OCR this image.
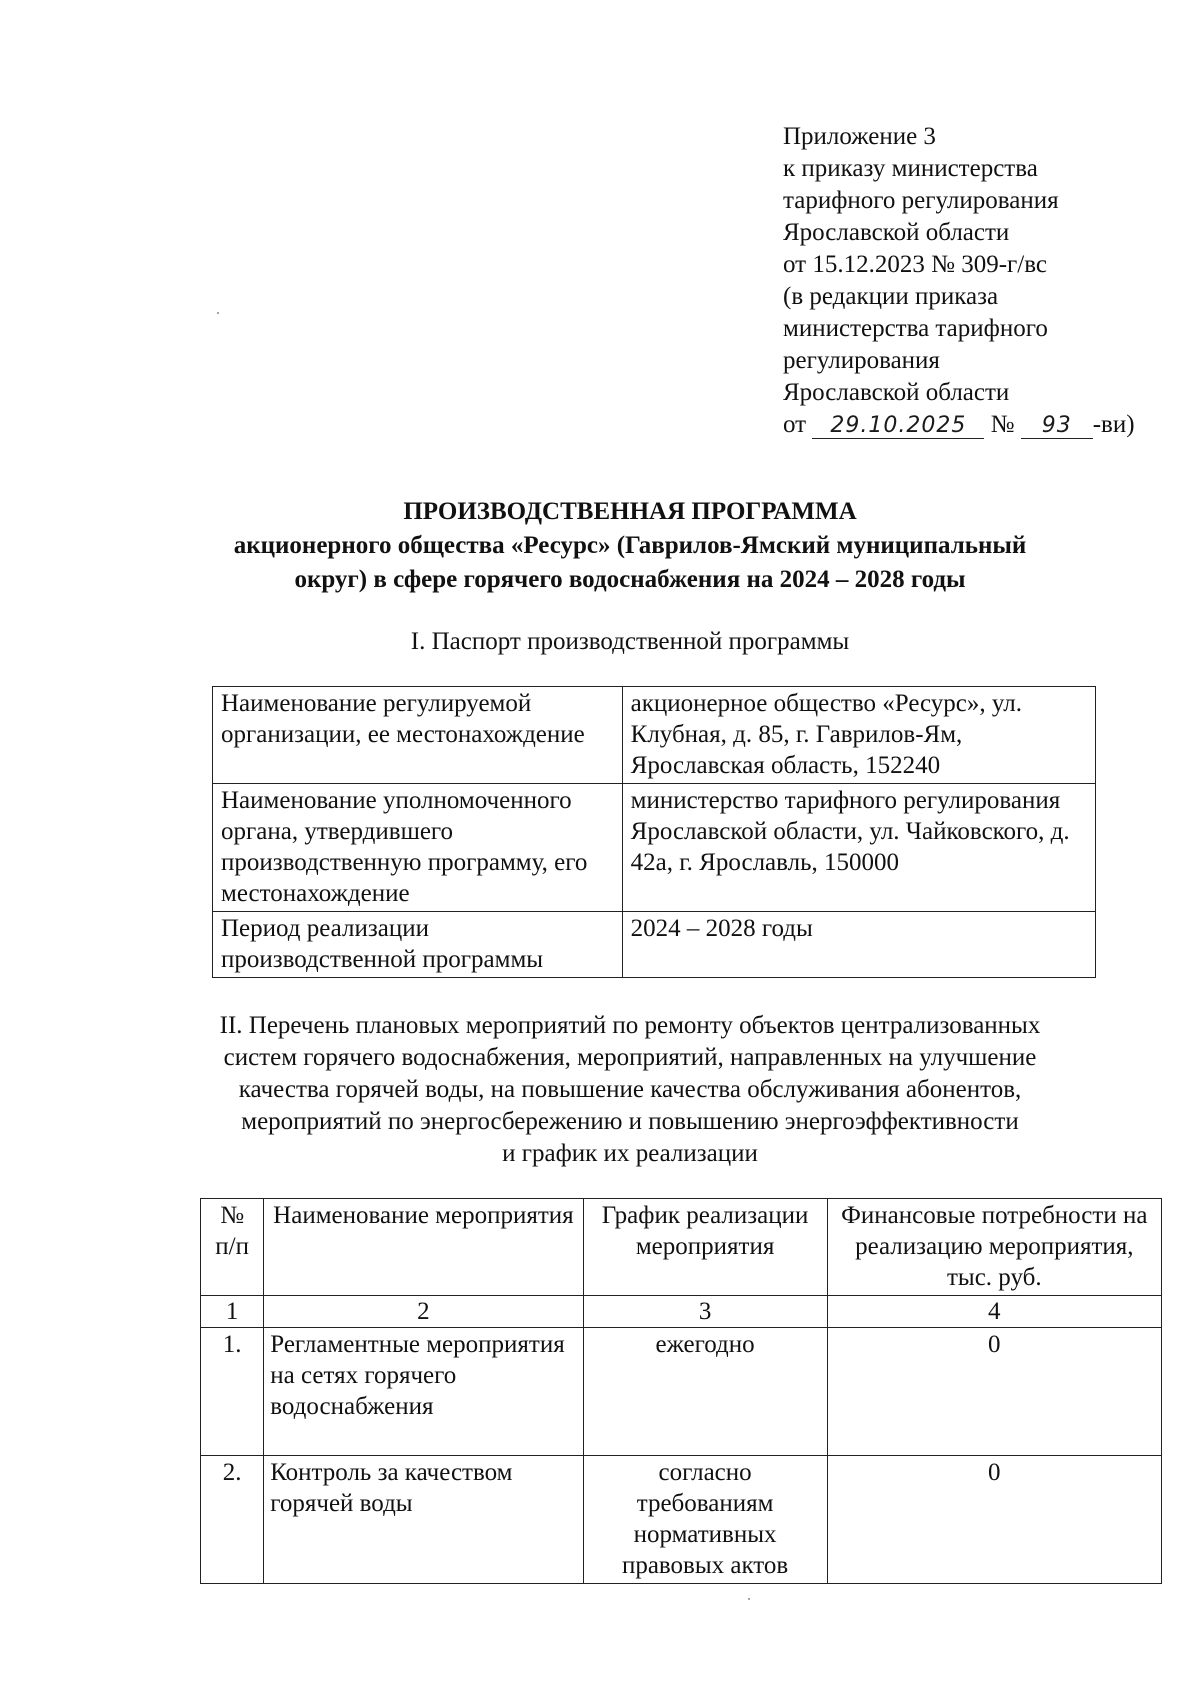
Приложение 3
к приказу министерства
тарифного регулирования
Ярославской области
от 15.12.2023 № 309-г/вс
(в редакции приказа
министерства тарифного
регулирования
Ярославской области
от 29.10.2025 № 93 -ви)
ПРОИЗВОДСТВЕННАЯ ПРОГРАММА
акционерного общества «Ресурс» (Гаврилов-Ямский муниципальный
округ) в сфере горячего водоснабжения на 2024 – 2028 годы
I. Паспорт производственной программы
Наименование регулируемой организации, ее местонахождение	акционерное общество «Ресурс», ул. Клубная, д. 85, г. Гаврилов-Ям, Ярославская область, 152240
Наименование уполномоченного органа, утвердившего производственную программу, его местонахождение	министерство тарифного регулирования Ярославской области, ул. Чайковского, д. 42а, г. Ярославль, 150000
Период реализации производственной программы	2024 – 2028 годы
II. Перечень плановых мероприятий по ремонту объектов централизованных
систем горячего водоснабжения, мероприятий, направленных на улучшение
качества горячей воды, на повышение качества обслуживания абонентов,
мероприятий по энергосбережению и повышению энергоэффективности
и график их реализации
№ п/п	Наименование мероприятия	График реализации мероприятия	Финансовые потребности на реализацию мероприятия, тыс. руб.
1	2	3	4
1.	Регламентные мероприятия на сетях горячего водоснабжения	ежегодно	0
2.	Контроль за качеством горячей воды	согласно требованиям нормативных правовых актов	0
